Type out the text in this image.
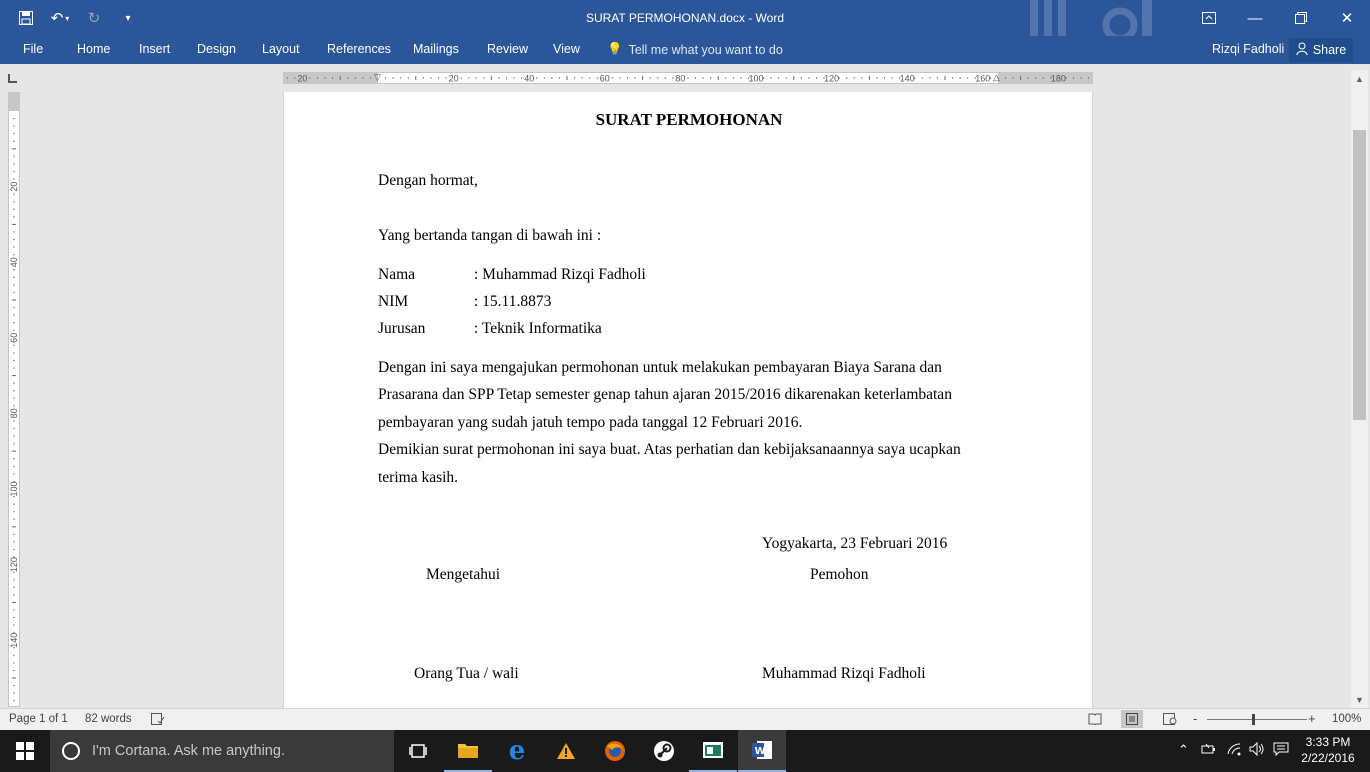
↶ ▾	↻	▾	SURAT PERMOHONAN.docx - Word	—	✕
File	Home Insert Design Layout References Mailings Review View 💡 Tell me what you want to do	Rizqi Fadholi Share
20	20	40	60	80	100	120	140	160	180
▽	△
20
40
60
80
100
120
140
SURAT PERMOHONAN
Dengan hormat,
Yang bertanda tangan di bawah ini :
Nama	: Muhammad Rizqi Fadholi
NIM	: 15.11.8873
Jurusan	: Teknik Informatika
Dengan ini saya mengajukan permohonan untuk melakukan pembayaran Biaya Sarana dan
Prasarana dan SPP Tetap semester genap tahun ajaran 2015/2016 dikarenakan keterlambatan
pembayaran yang sudah jatuh tempo pada tanggal 12 Februari 2016.
Demikian surat permohonan ini saya buat. Atas perhatian dan kebijaksanaannya saya ucapkan
terima kasih.
Yogyakarta, 23 Februari 2016
Mengetahui	Pemohon
Orang Tua / wali	Muhammad Rizqi Fadholi
▲
▼
Page 1 of 1 82 words	-	+ 100%
I'm Cortana. Ask me anything.	e	W	⌃	3:33 PM
2/22/2016
